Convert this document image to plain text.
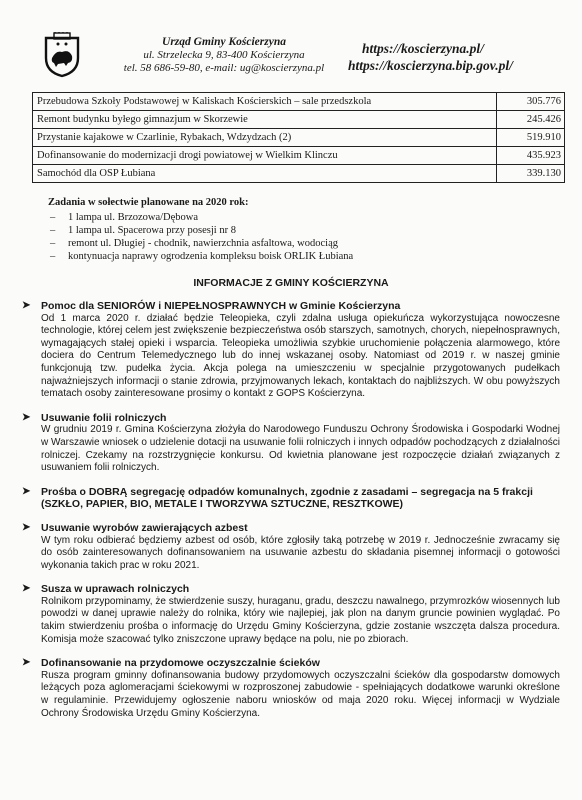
Urząd Gminy Kościerzyna
ul. Strzelecka 9, 83-400 Kościerzyna
tel. 58 686-59-80, e-mail: ug@koscierzyna.pl
https://koscierzyna.pl/
https://koscierzyna.bip.gov.pl/
Przebudowa Szkoły Podstawowej w Kaliskach Kościerskich – sale przedszkola	305.776
Remont budynku byłego gimnazjum w Skorzewie	245.426
Przystanie kajakowe w Czarlinie, Rybakach, Wdzydzach (2)	519.910
Dofinansowanie do modernizacji drogi powiatowej w Wielkim Klinczu	435.923
Samochód dla OSP Łubiana	339.130
Zadania w sołectwie planowane na 2020 rok:
– 1 lampa ul. Brzozowa/Dębowa
– 1 lampa ul. Spacerowa przy posesji nr 8
– remont ul. Długiej - chodnik, nawierzchnia asfaltowa, wodociąg
– kontynuacja naprawy ogrodzenia kompleksu boisk ORLIK Łubiana
INFORMACJE Z GMINY KOŚCIERZYNA
➤ Pomoc dla SENIORÓW i NIEPEŁNOSPRAWNYCH w Gminie Kościerzyna
Od 1 marca 2020 r. działać będzie Teleopieka, czyli zdalna usługa opiekuńcza wykorzystująca nowoczesne technologie, której celem jest zwiększenie bezpieczeństwa osób starszych, samotnych, chorych, niepełnosprawnych, wymagających stałej opieki i wsparcia. Teleopieka umożliwia szybkie uruchomienie połączenia alarmowego, które dociera do Centrum Telemedycznego lub do innej wskazanej osoby. Natomiast od 2019 r. w naszej gminie funkcjonują tzw. pudełka życia. Akcja polega na umieszczeniu w specjalnie przygotowanych pudełkach najważniejszych informacji o stanie zdrowia, przyjmowanych lekach, kontaktach do najbliższych. W obu powyższych tematach osoby zainteresowane prosimy o kontakt z GOPS Kościerzyna.
➤ Usuwanie folii rolniczych
W grudniu 2019 r. Gmina Kościerzyna złożyła do Narodowego Funduszu Ochrony Środowiska i Gospodarki Wodnej w Warszawie wniosek o udzielenie dotacji na usuwanie folii rolniczych i innych odpadów pochodzących z działalności rolniczej. Czekamy na rozstrzygnięcie konkursu. Od kwietnia planowane jest rozpoczęcie działań związanych z usuwaniem folii rolniczych.
➤ Prośba o DOBRĄ segregację odpadów komunalnych, zgodnie z zasadami – segregacja na 5 frakcji (SZKŁO, PAPIER, BIO, METALE I TWORZYWA SZTUCZNE, RESZTKOWE)
➤ Usuwanie wyrobów zawierających azbest
W tym roku odbierać będziemy azbest od osób, które zgłosiły taką potrzebę w 2019 r. Jednocześnie zwracamy się do osób zainteresowanych dofinansowaniem na usuwanie azbestu do składania pisemnej informacji o gotowości wykonania takich prac w roku 2021.
➤ Susza w uprawach rolniczych
Rolnikom przypominamy, że stwierdzenie suszy, huraganu, gradu, deszczu nawalnego, przymrozków wiosennych lub powodzi w danej uprawie należy do rolnika, który wie najlepiej, jak plon na danym gruncie powinien wyglądać. Po takim stwierdzeniu prośba o informację do Urzędu Gminy Kościerzyna, gdzie zostanie wszczęta dalsza procedura. Komisja może szacować tylko zniszczone uprawy będące na polu, nie po zbiorach.
➤ Dofinansowanie na przydomowe oczyszczalnie ścieków
Rusza program gminny dofinansowania budowy przydomowych oczyszczalni ścieków dla gospodarstw domowych leżących poza aglomeracjami ściekowymi w rozproszonej zabudowie - spełniających dodatkowe warunki określone w regulaminie. Przewidujemy ogłoszenie naboru wniosków od maja 2020 roku. Więcej informacji w Wydziale Ochrony Środowiska Urzędu Gminy Kościerzyna.
